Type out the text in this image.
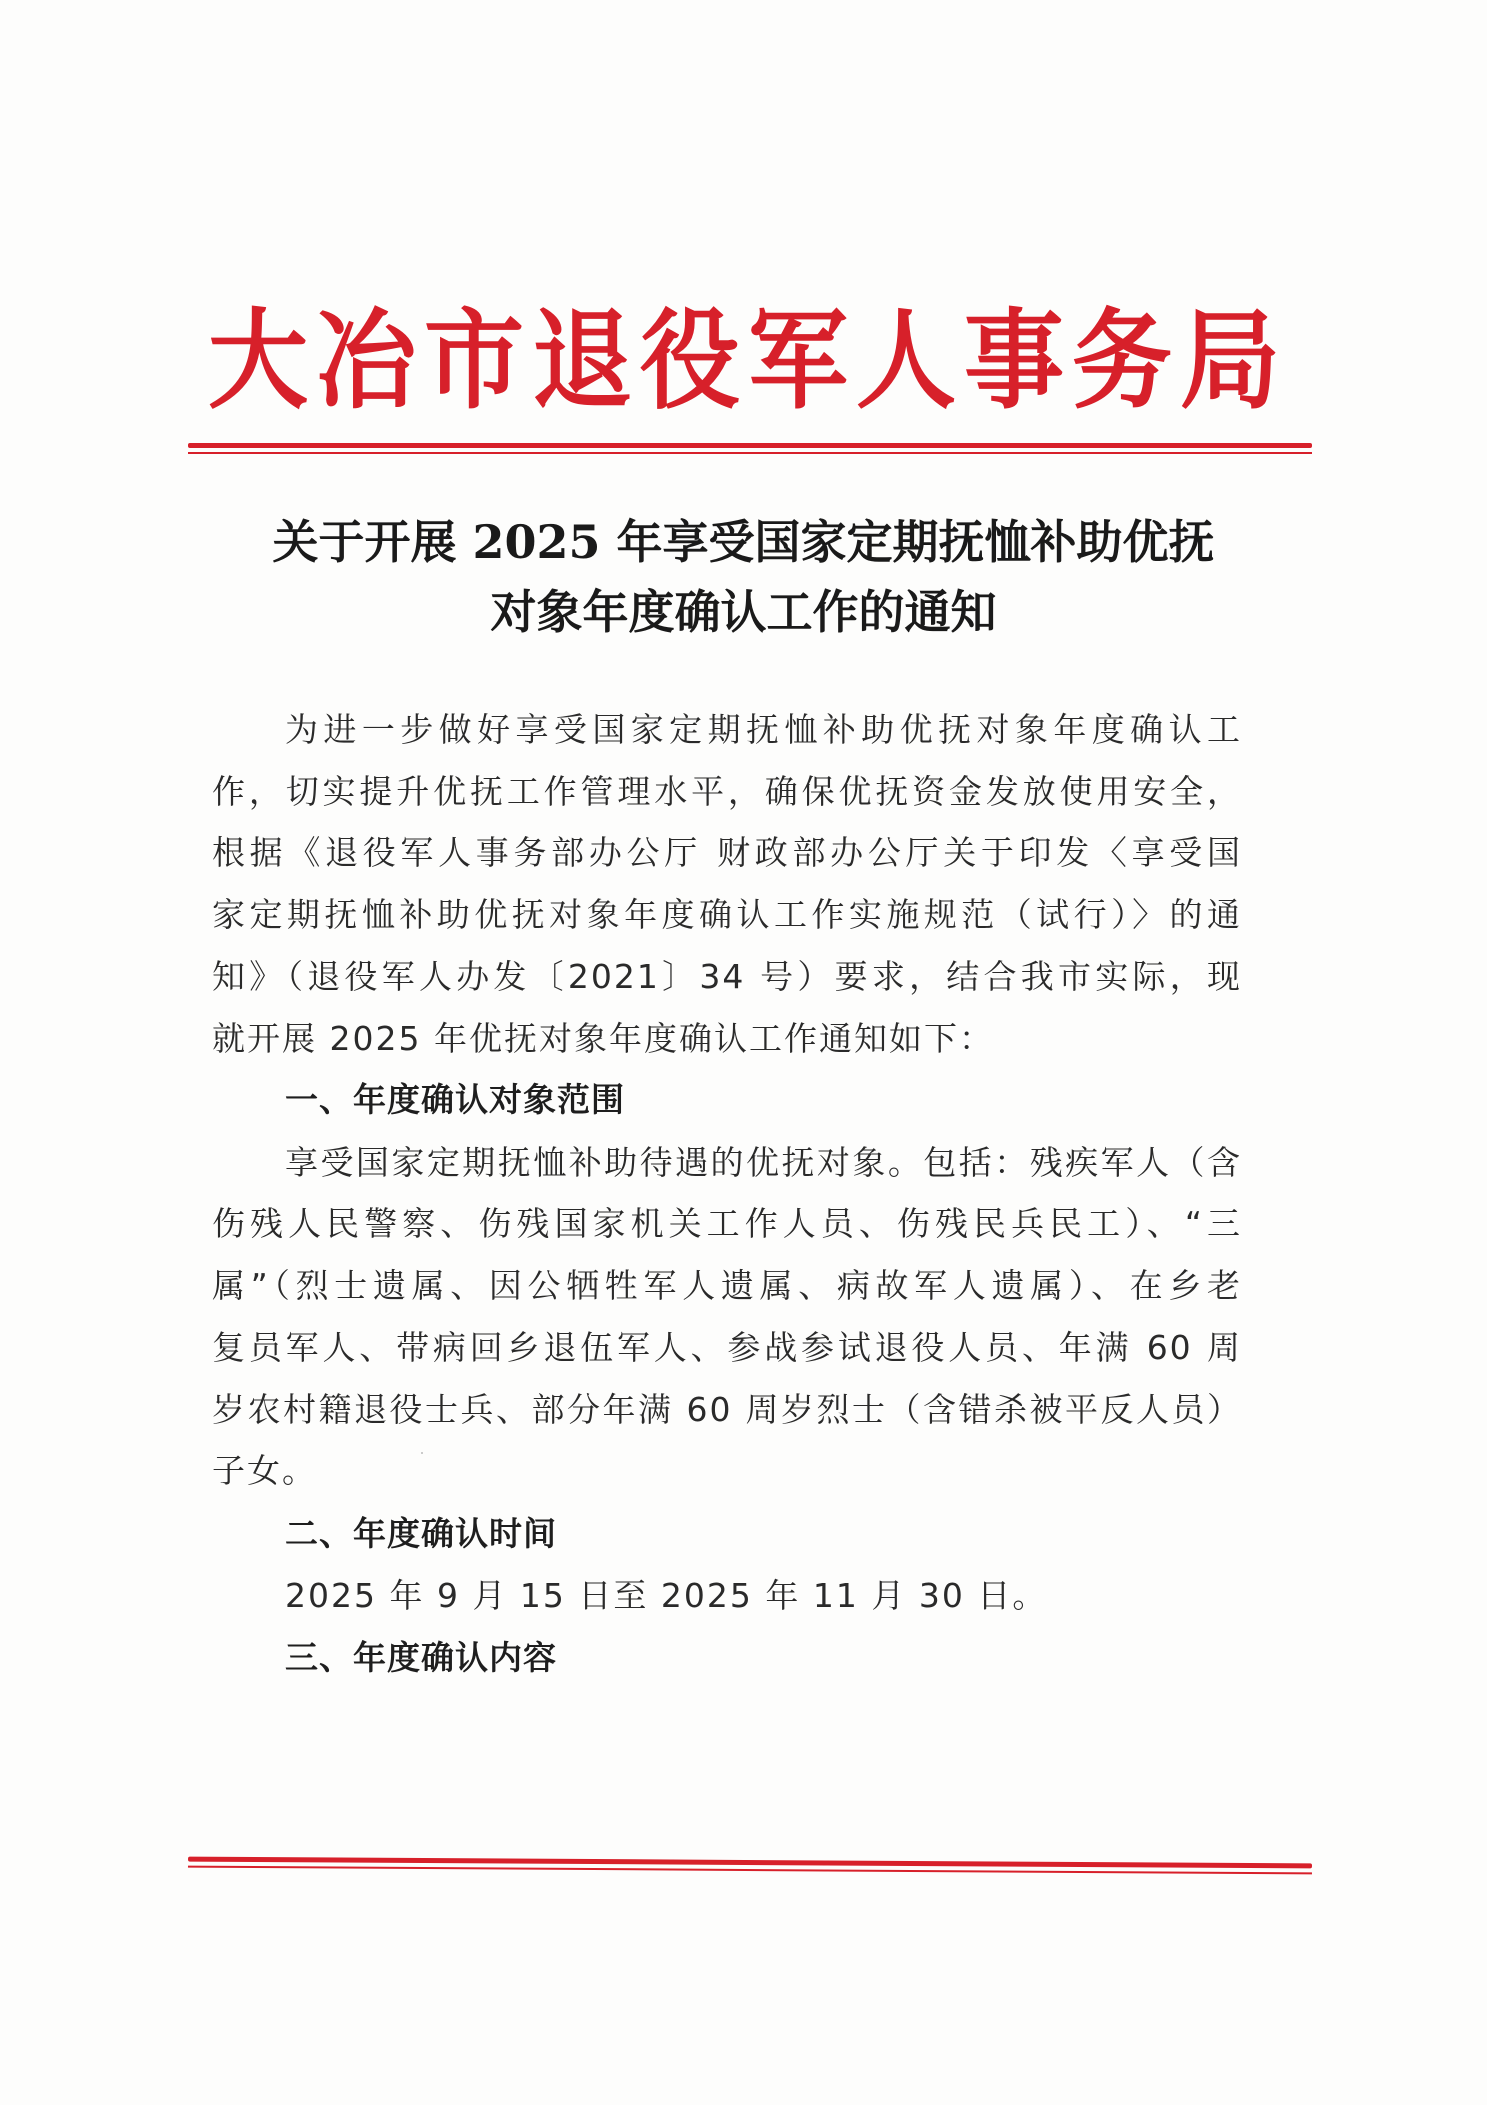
大冶市退役军人事务局
关于开展 2025 年享受国家定期抚恤补助优抚
对象年度确认工作的通知
为进一步做好享受国家定期抚恤补助优抚对象年度确认工
作，切实提升优抚工作管理水平，确保优抚资金发放使用安全，
根据《退役军人事务部办公厅 财政部办公厅关于印发〈享受国
家定期抚恤补助优抚对象年度确认工作实施规范（试行）〉的通
知》（退役军人办发〔2021〕34 号）要求，结合我市实际，现
就开展 2025 年优抚对象年度确认工作通知如下：
一、年度确认对象范围
享受国家定期抚恤补助待遇的优抚对象。包括：残疾军人（含
伤残人民警察、伤残国家机关工作人员、伤残民兵民工）、“三
属”（烈士遗属、因公牺牲军人遗属、病故军人遗属）、在乡老
复员军人、带病回乡退伍军人、参战参试退役人员、年满 60 周
岁农村籍退役士兵、部分年满 60 周岁烈士（含错杀被平反人员）
子女。
二、年度确认时间
2025 年 9 月 15 日至 2025 年 11 月 30 日。
三、年度确认内容
